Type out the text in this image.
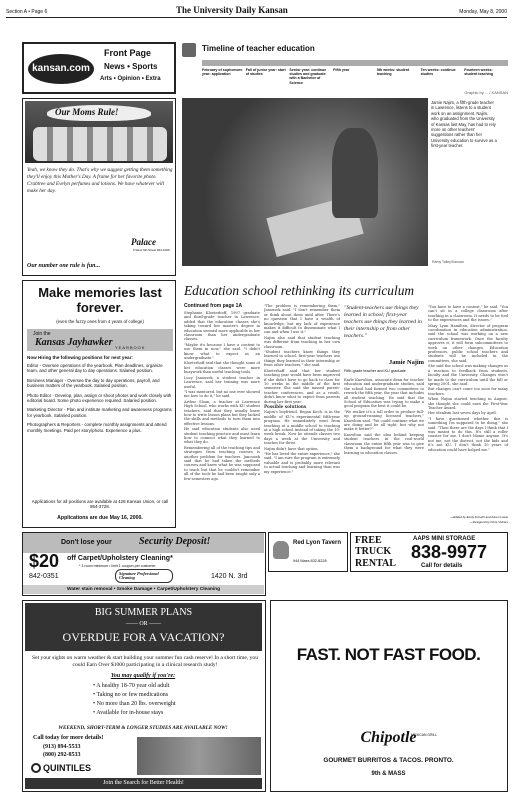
Section A • Page 6	The University Daily Kansan	Monday, May 8, 2000
kansan.com
Front Page
News • Sports
Arts • Opinion • Extra
Timeline of teacher education
February of sophomore year: application
Fall of junior year: start of studies
Senior year: continue studies and graduate with a Bachelor of Science
Fifth year	5th weeks: student teaching
Ten weeks: continue studies
Fourteen weeks: student teaching
Graphic by ... / KANSAN
Our Moms Rule!
Yeah, we know they do. That's why we suggest getting them something they'll enjoy this Mother's Day. A frame for her favorite photo. Crabtree and Evelyn perfumes and lotions. We have whatever will make her day.
Palace
9 West 9th Street 843-1099
Our number one rule is fun...
Jamie Najim, a fifth-grade teacher in Lawrence, listens to a student work on an assignment. Najim, who graduated from the University of Kansas last May, has had to rely more on other teachers' suggestions rather than her University education to survive as a first-year teacher.
Ramy Talley/Kansan
Make memories last forever.
(even the fuzzy ones from 4 years of college)
Join the
Kansas Jayhawker YEARBOOK
Now Hiring the following positions for next year:
Editor - Oversee operations of the yearbook. Plan deadlines, organize team, and other general day to day operations. Salaried position.
Business Manager - Oversee the day to day operations, payroll, and business matters of the yearbook. Salaried position.
Photo Editor - Develop, plan, assign or shoot photos and work closely with editorial board. Some photo experience required. Salaried position.
Marketing Director - Plan and institute marketing and awareness programs for yearbook. Salaried position.
Photographers & Reporters - complete monthly assignments and attend monthly meetings. Paid per story/photo. Experience a plus.
Applications for all positions are available at 428 Kansas Union, or call 864-3728.
Applications are due May 16, 2000.
Education school rethinking its curriculum
Continued from page 1A

Stephanie Kloeterhoff, 1997 graduate and third-grade teacher in Lawrence, added that the education classes she's taking toward her master's degree in education seemed more applicable in her classroom than her undergraduate classes.

"Maybe it's because I have a context to use them in now," she said. "I didn't know what to expect as an undergraduate."

Kloeterhoff said that she thought some of her education classes were more busywork than useful teaching tools.

Lucy Janousek, a student teacher in Lawrence, said her training was more useful.

"I was mentored, but no one ever showed me how to do it," he said.

Arthur Sloan, a teacher at Lawrence High School, who works with KU student teachers, said that they usually knew how to write lesson plans but they lacked the skills and methods to turn them into effective lessons.

He said education students also need student teaching practice and must learn how to connect what they learned to what they do.

Remembering all of the teaching tips and strategies from teaching courses is another problem for teachers. Janousek said that he had taken the methods courses and knew what he was supposed to teach but that he couldn't remember all of the tools he had been taught only a few semesters ago.

"The problem is remembering them," Janousek said. "I don't remember them or think about them until after. There's no question that I have a wealth of knowledge, but my lack of experience makes it difficult to disseminate what I can and when I use it."

Najim also said that student teaching was different from teaching in her own classroom.

"Student teachers know things they learned in school, first-year teachers use things they learned in their internship or from other teachers," she said.

Kloeterhoff said that her student teaching year would have been improved if she didn't have to go back to class for 10 weeks in the middle of the first semester. She said she missed parent-teacher conferences, and as a result, didn't know what to expect from parents during her first year.

Possible solutions

Najim's boyfriend, Regan Koch, is in the middle of KU's experimental fifth-year program. He immediately went from teaching at a middle school to teaching at a high school instead of taking the 10-week break. Now he attends classes two days a week at the University and teaches for three.

Najim didn't have that option.

"He has loved the entire experience," she said. "I am sure the program is extremely valuable and is probably more relevant to actual teaching and learning than was my experience."

"Student-teachers use things they learned in school; first-year teachers use things they learned in their internship or from other teachers."
Jamie Najim
Fifth-grade teacher and KU graduate

Earle Knowlton, associate dean for teacher education and undergraduate studies, said the school had formed two committees to rework the fifth year, the year that includes all student teaching. He said that the School of Education was trying to make a good program the best it could be.

"We realize it's a toll order to produce full-up ground-running licensed teachers," Knowlton said. "We could continue what we are doing and be all right, but why not make it better?"

Knowlton said the idea behind keeping student teachers in the real-world classroom the entire fifth year was to give them a background for what they were learning in education classes.

"You have to have a context," he said. "You can't sit in a college classroom after teaching in a classroom. It needs to be tied to the experiences and the issues."

Mary Lynn Hamilton, director of program coordination in education administration, said the school was working on a new curriculum framework. Once the faculty approves it, it will form subcommittees to work on other changes. Education professors, public school teachers and students will be included in the committees, she said.

She said the school was making changes as a reaction to feedback from students, faculty and the University. Changes won't be made to the curriculum until the fall or spring 2001, she said.

But changes can't come too soon for many teachers.

When Najim started teaching in August, she thought she could earn the First-Year Teacher Award.

Her idealism last seven days by April.

"I have questioned whether this is something I'm supposed to be doing," she said. "Then there are the days I think that I was meant to do this. It's still a roller coaster for me. I don't blame anyone. It's not me, not the district, not the kids and it's not KU. I don't think 10 years of education could have helped me."

—Edited by Emily Forsyth and Karen Lewis
—Designed by Chris Vickers
Don't lose your	Security Deposit!
$20 off Carpet/Upholstery Cleaning*
* 3 room minimum • limit 1 coupon per customer
842-0351	Signature Professional Cleaning	1420 N. 3rd
Water stain removal • Smoke Damage • Carpet/Upholstery Cleaning
Red Lyon Tavern
944 Mass 832-8228
FREE
TRUCK
RENTAL
AAPS MINI STORAGE
838-9977
Call for details
BIG SUMMER PLANS
—— OR ——
OVERDUE FOR A VACATION?
Set your sights on warm weather & start building your summer fun cash reserve! In a short time, you could Earn Over $1000 participating in a clinical research study!
You may qualify if you're:
• A healthy 18-70 year old adult
• Taking no or few medications
• No more than 20 lbs. overweight
• Available for in-house stays
WEEKEND, SHORT-TERM & LONGER STUDIES ARE AVAILABLE NOW!
Call today for more details!
(913) 894-5533
(800) 292-8533
QUINTILES
Join the Search for Better Health!
FAST. NOT FAST FOOD.
Chipotle
MEXICAN GRILL
GOURMET BURRITOS & TACOS. PRONTO.
9th & MASS
